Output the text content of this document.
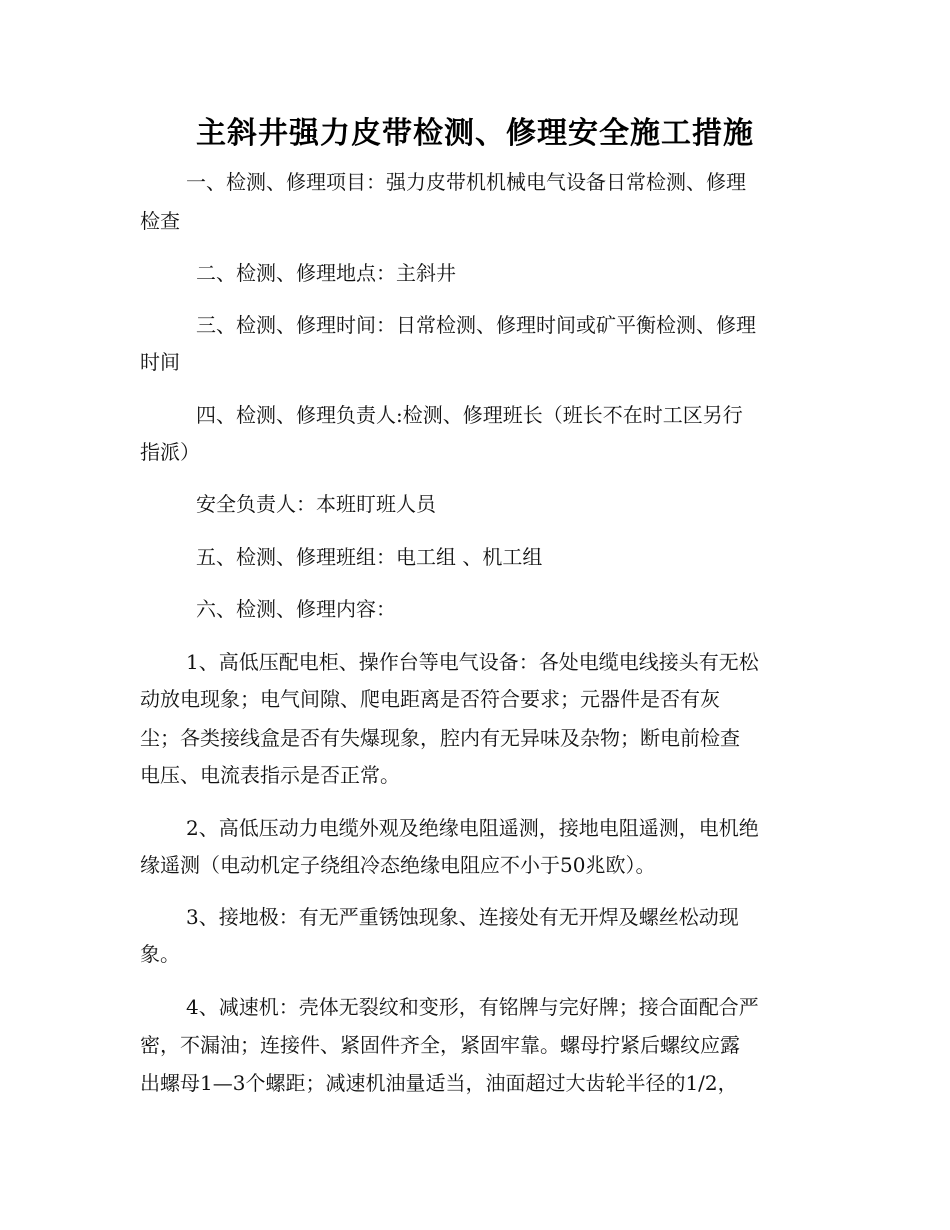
主斜井强力皮带检测、修理安全施工措施

一、检测、修理项目：强力皮带机机械电气设备日常检测、修理

检查

二、检测、修理地点：主斜井

三、检测、修理时间：日常检测、修理时间或矿平衡检测、修理

时间

四、检测、修理负责人:检测、修理班长（班长不在时工区另行

指派）

安全负责人：本班盯班人员

五、检测、修理班组：电工组 、机工组

六、检测、修理内容：

1、高低压配电柜、操作台等电气设备：各处电缆电线接头有无松

动放电现象；电气间隙、爬电距离是否符合要求；元器件是否有灰

尘；各类接线盒是否有失爆现象，腔内有无异味及杂物；断电前检查

电压、电流表指示是否正常。

2、高低压动力电缆外观及绝缘电阻遥测，接地电阻遥测，电机绝

缘遥测（电动机定子绕组冷态绝缘电阻应不小于50兆欧）。

3、接地极：有无严重锈蚀现象、连接处有无开焊及螺丝松动现

象。

4、减速机：壳体无裂纹和变形，有铭牌与完好牌；接合面配合严

密，不漏油；连接件、紧固件齐全，紧固牢靠。螺母拧紧后螺纹应露

出螺母1—3个螺距；减速机油量适当，油面超过大齿轮半径的1/2，
